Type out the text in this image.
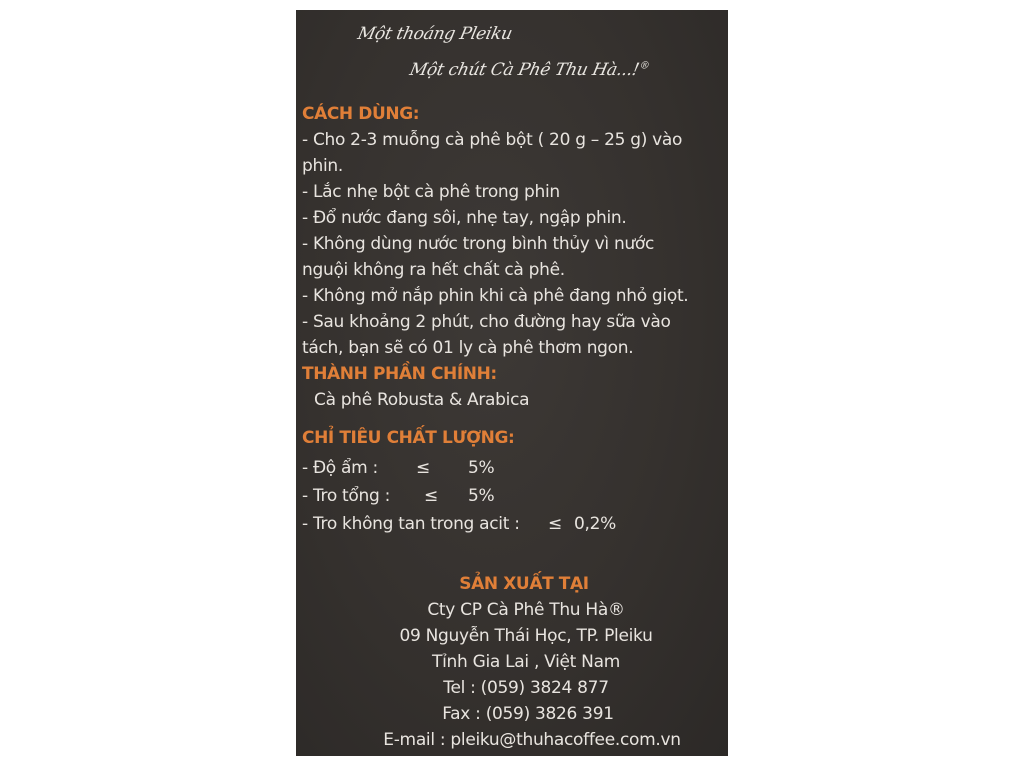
Một thoáng Pleiku
Một chút Cà Phê Thu Hà...!®
CÁCH DÙNG:
- Cho 2-3 muỗng cà phê bột ( 20 g – 25 g) vào
phin.
- Lắc nhẹ bột cà phê trong phin
- Đổ nước đang sôi, nhẹ tay, ngập phin.
- Không dùng nước trong bình thủy vì nước
nguội không ra hết chất cà phê.
- Không mở nắp phin khi cà phê đang nhỏ giọt.
- Sau khoảng 2 phút, cho đường hay sữa vào
tách, bạn sẽ có 01 ly cà phê thơm ngon.
THÀNH PHẦN CHÍNH:
Cà phê Robusta & Arabica
CHỈ TIÊU CHẤT LƯỢNG:
- Độ ẩm : ≤ 5%
- Tro tổng : ≤ 5%
- Tro không tan trong acit : ≤ 0,2%
SẢN XUẤT TẠI
Cty CP Cà Phê Thu Hà®
09 Nguyễn Thái Học, TP. Pleiku
Tỉnh Gia Lai , Việt Nam
Tel : (059) 3824 877
Fax : (059) 3826 391
E-mail : pleiku@thuhacoffee.com.vn
